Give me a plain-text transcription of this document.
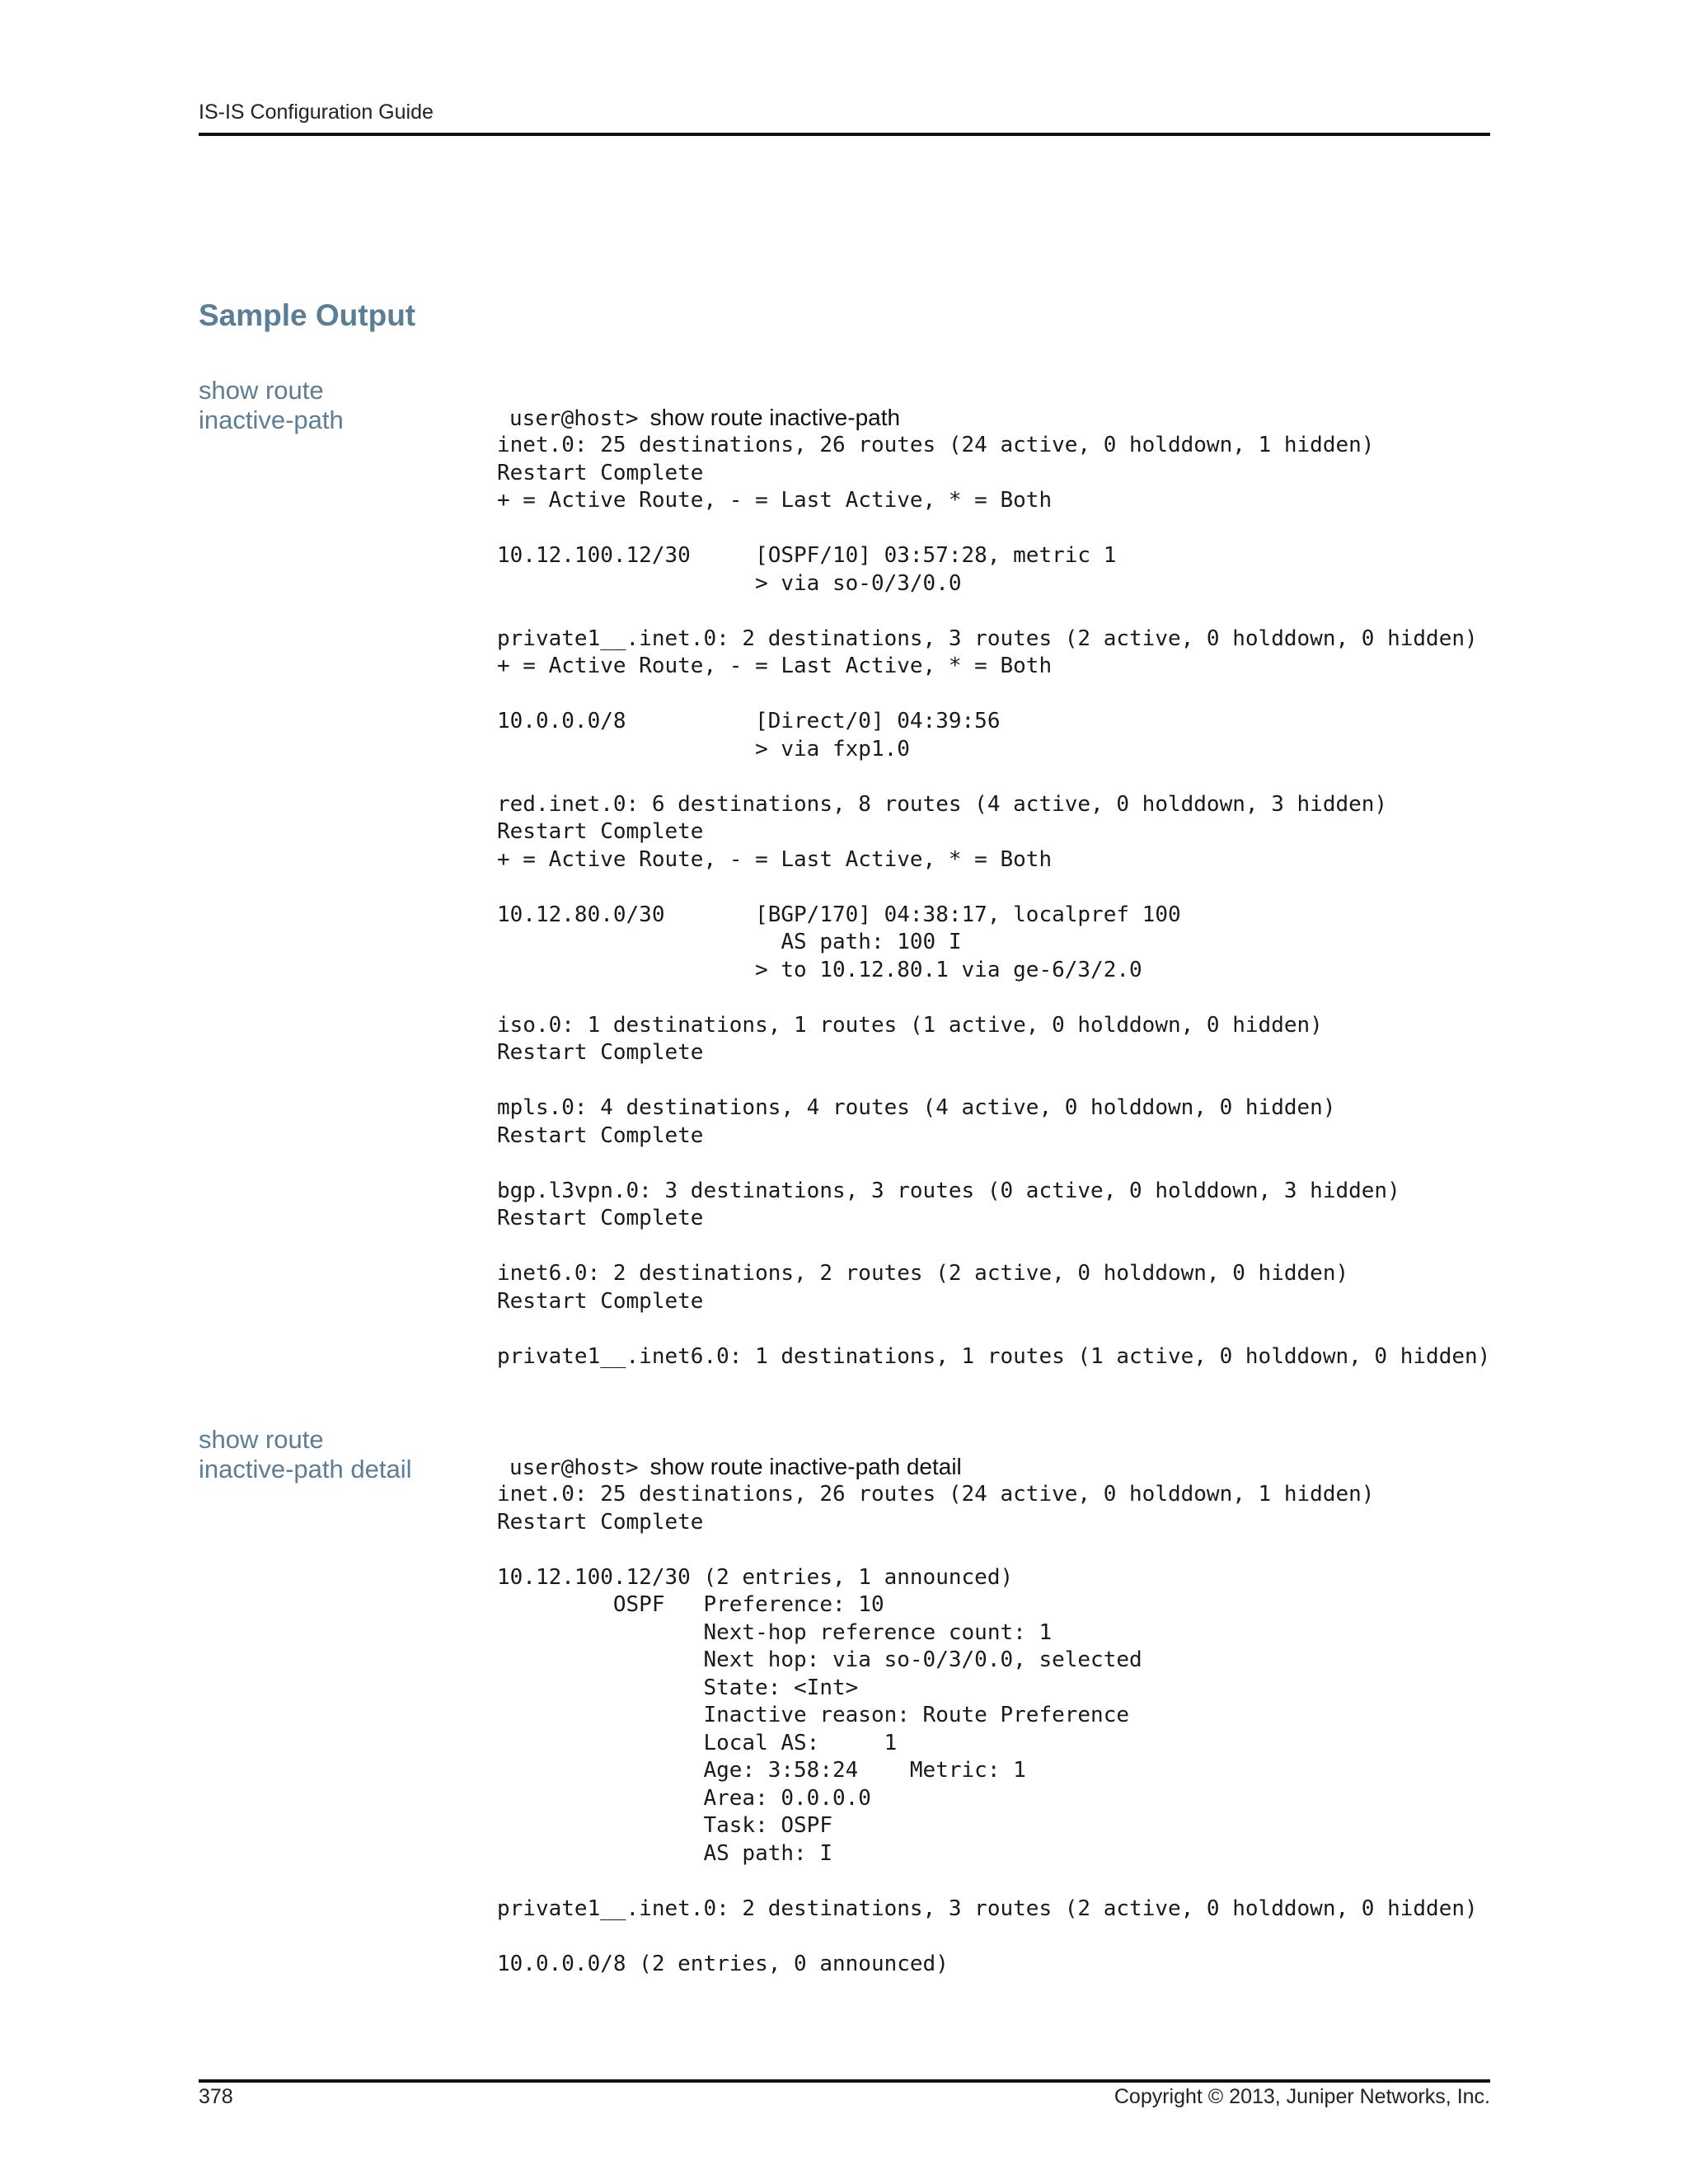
IS-IS Configuration Guide
Sample Output
show route
inactive-path	user@host> show route inactive-path

inet.0: 25 destinations, 26 routes (24 active, 0 holddown, 1 hidden)
Restart Complete
+ = Active Route, - = Last Active, * = Both

10.12.100.12/30     [OSPF/10] 03:57:28, metric 1
> via so-0/3/0.0

private1__.inet.0: 2 destinations, 3 routes (2 active, 0 holddown, 0 hidden)
+ = Active Route, - = Last Active, * = Both

10.0.0.0/8          [Direct/0] 04:39:56
> via fxp1.0

red.inet.0: 6 destinations, 8 routes (4 active, 0 holddown, 3 hidden)
Restart Complete
+ = Active Route, - = Last Active, * = Both

10.12.80.0/30       [BGP/170] 04:38:17, localpref 100
AS path: 100 I
> to 10.12.80.1 via ge-6/3/2.0

iso.0: 1 destinations, 1 routes (1 active, 0 holddown, 0 hidden)
Restart Complete

mpls.0: 4 destinations, 4 routes (4 active, 0 holddown, 0 hidden)
Restart Complete

bgp.l3vpn.0: 3 destinations, 3 routes (0 active, 0 holddown, 3 hidden)
Restart Complete

inet6.0: 2 destinations, 2 routes (2 active, 0 holddown, 0 hidden)
Restart Complete

private1__.inet6.0: 1 destinations, 1 routes (1 active, 0 holddown, 0 hidden)
show route
inactive-path detail	user@host> show route inactive-path detail

inet.0: 25 destinations, 26 routes (24 active, 0 holddown, 1 hidden)
Restart Complete

10.12.100.12/30 (2 entries, 1 announced)
OSPF   Preference: 10
Next-hop reference count: 1
Next hop: via so-0/3/0.0, selected
State: <Int>
Inactive reason: Route Preference
Local AS:     1
Age: 3:58:24    Metric: 1
Area: 0.0.0.0
Task: OSPF
AS path: I

private1__.inet.0: 2 destinations, 3 routes (2 active, 0 holddown, 0 hidden)

10.0.0.0/8 (2 entries, 0 announced)
378	Copyright © 2013, Juniper Networks, Inc.
